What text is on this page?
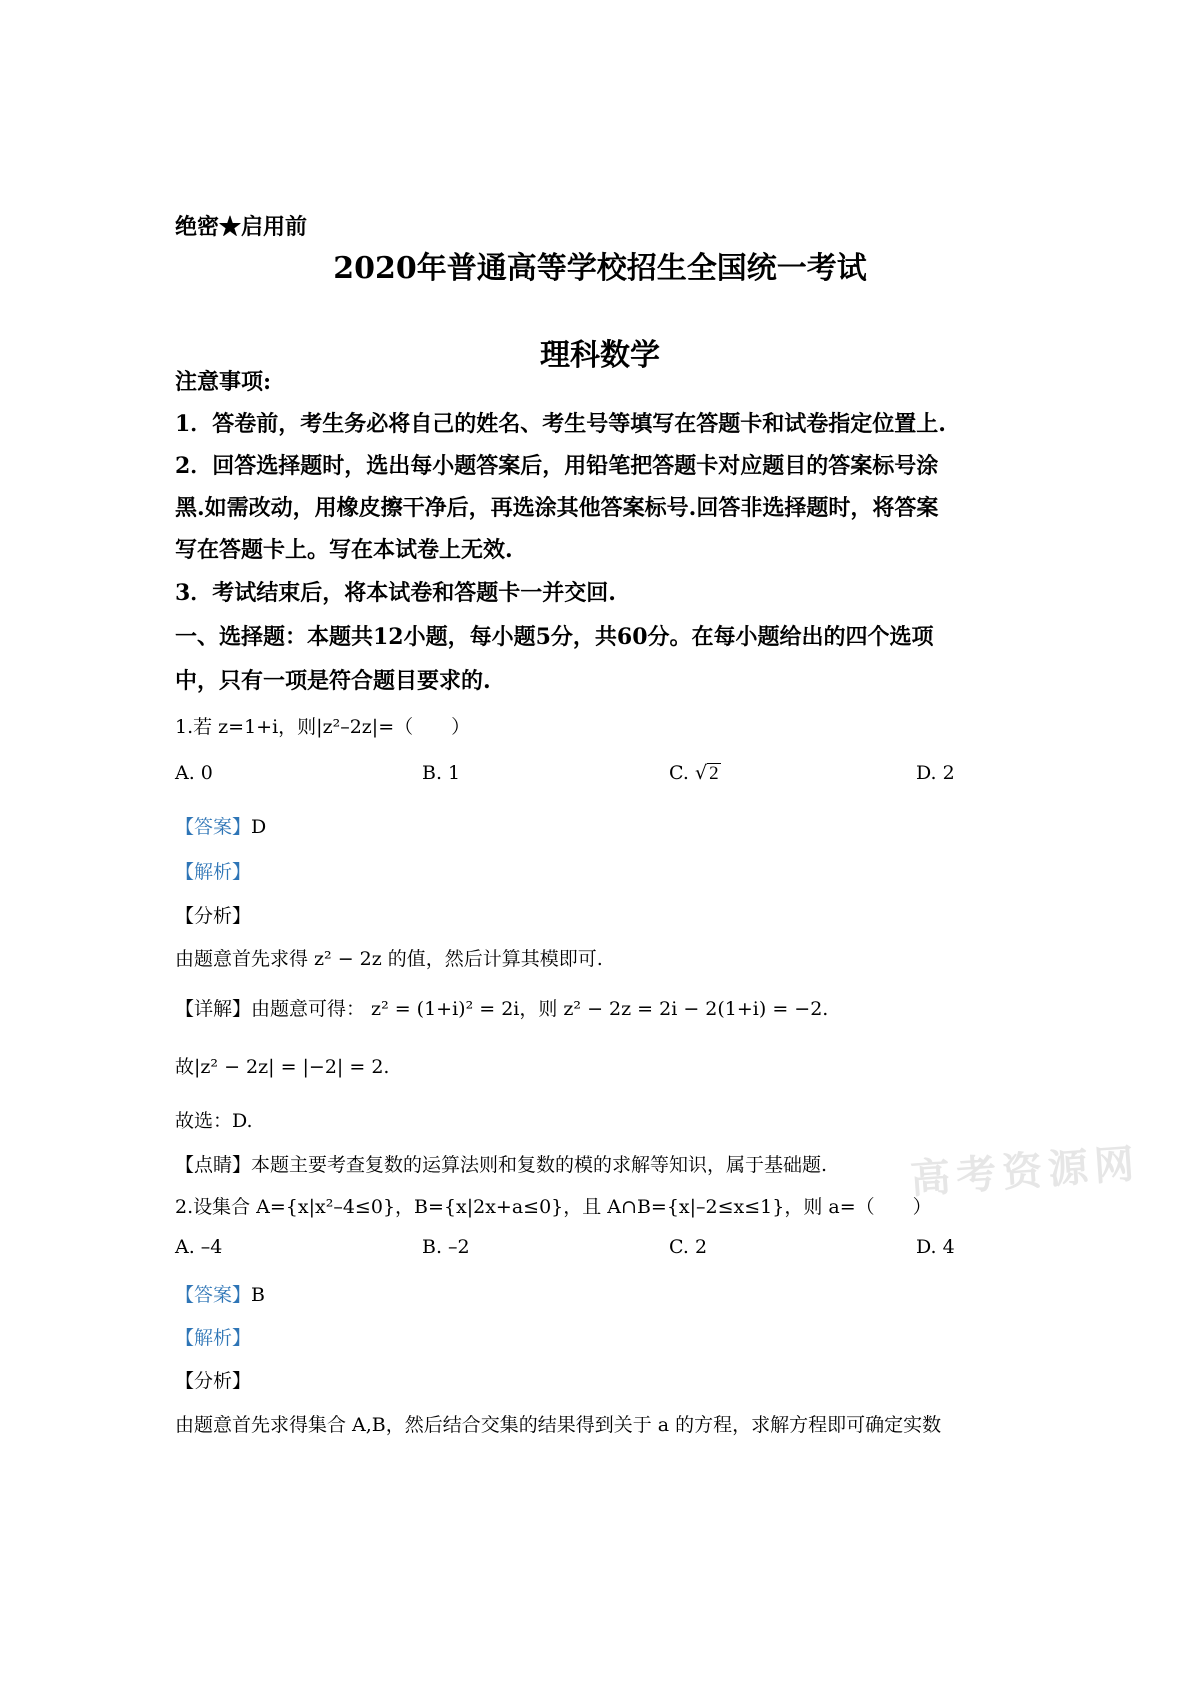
绝密★启用前
2020年普通高等学校招生全国统一考试
理科数学
注意事项:
1．答卷前，考生务必将自己的姓名、考生号等填写在答题卡和试卷指定位置上.
2．回答选择题时，选出每小题答案后，用铅笔把答题卡对应题目的答案标号涂
黑.如需改动，用橡皮擦干净后，再选涂其他答案标号.回答非选择题时，将答案
写在答题卡上。写在本试卷上无效.
3．考试结束后，将本试卷和答题卡一并交回.
一、选择题：本题共12小题，每小题5分，共60分。在每小题给出的四个选项
中，只有一项是符合题目要求的.
1.若 z=1+i，则|z²–2z|=（　　）
A. 0	B. 1	C. √ 2	D. 2
【答案】D
【解析】
【分析】
由题意首先求得 z² − 2z 的值，然后计算其模即可.
【详解】由题意可得： z² = (1+i)² = 2i，则 z² − 2z = 2i − 2(1+i) = −2.
故|z² − 2z| = |−2| = 2.
故选：D.
【点睛】本题主要考查复数的运算法则和复数的模的求解等知识，属于基础题.
2.设集合 A={x|x²–4≤0}，B={x|2x+a≤0}，且 A∩B={x|–2≤x≤1}，则 a=（　　）
A. –4	B. –2	C. 2	D. 4
【答案】B
【解析】
【分析】
由题意首先求得集合 A,B，然后结合交集的结果得到关于 a 的方程，求解方程即可确定实数
高考资源网
